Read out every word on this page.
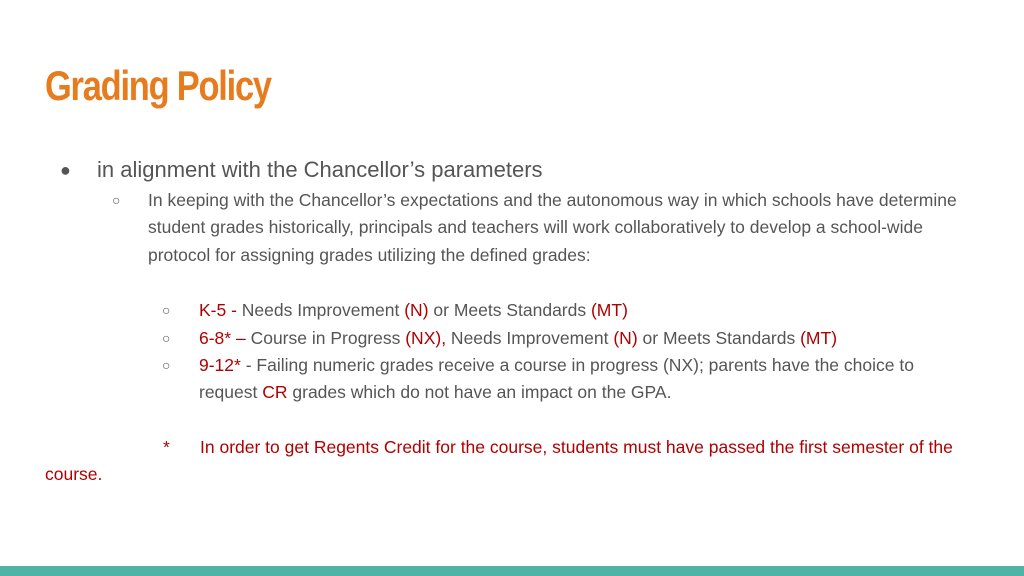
Grading Policy
● in alignment with the Chancellor’s parameters
○ In keeping with the Chancellor’s expectations and the autonomous way in which schools have determine student grades historically, principals and teachers will work collaboratively to develop a school-wide protocol for assigning grades utilizing the defined grades:
○ K-5 - Needs Improvement (N) or Meets Standards (MT)
○ 6-8* – Course in Progress (NX), Needs Improvement (N) or Meets Standards (MT)
○ 9-12* - Failing numeric grades receive a course in progress (NX); parents have the choice to request CR grades which do not have an impact on the GPA.
* In order to get Regents Credit for the course, students must have passed the first semester of the course.
